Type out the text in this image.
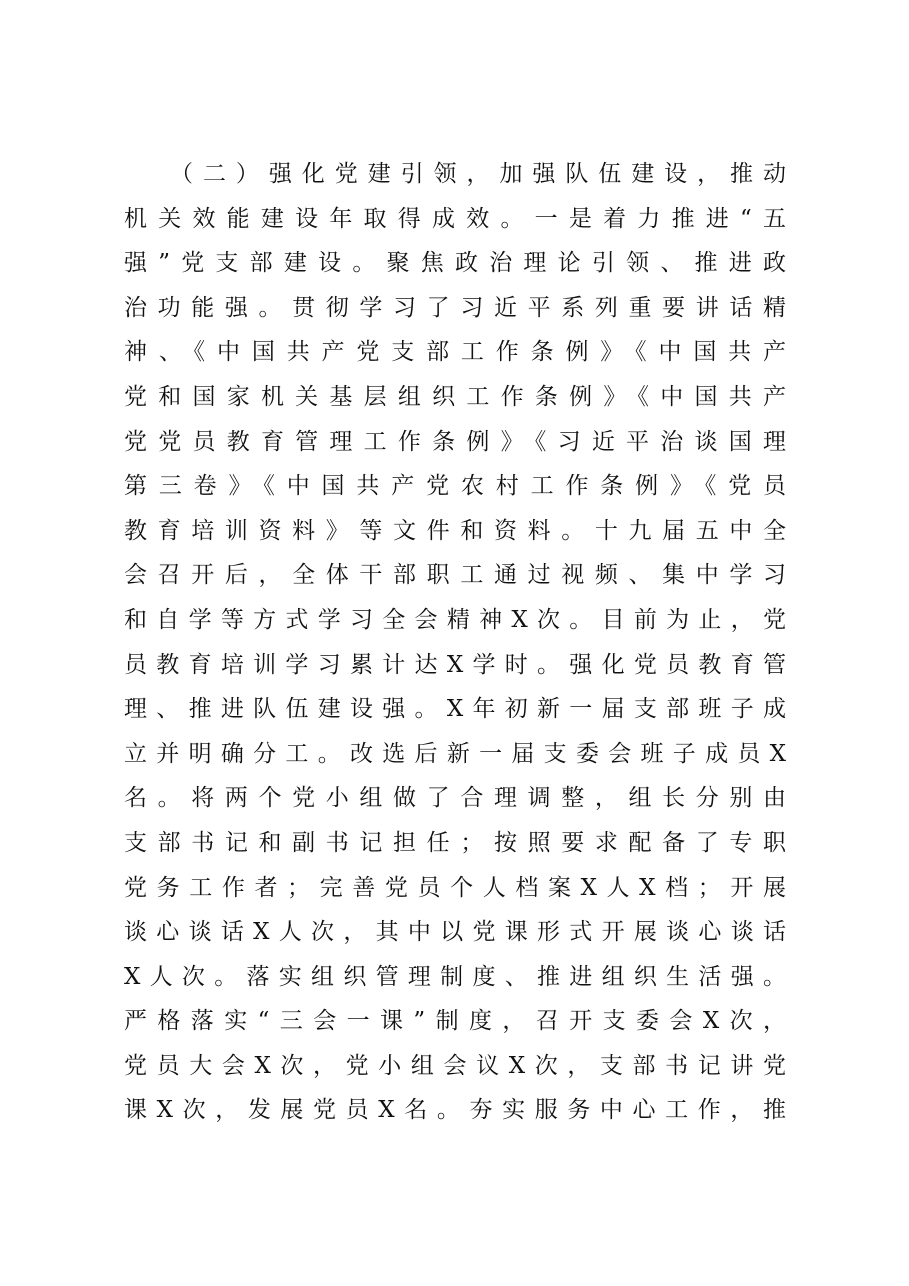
（二）强化党建引领，加强队伍建设，推动
机关效能建设年取得成效。一是着力推进“五
强”党支部建设。聚焦政治理论引领、推进政
治功能强。贯彻学习了习近平系列重要讲话精
神、《中国共产党支部工作条例》《中国共产
党和国家机关基层组织工作条例》《中国共产
党党员教育管理工作条例》《习近平治谈国理
第三卷》《中国共产党农村工作条例》《党员
教育培训资料》等文件和资料。十九届五中全
会召开后，全体干部职工通过视频、集中学习
和自学等方式学习全会精神X次。目前为止，党
员教育培训学习累计达X学时。强化党员教育管
理、推进队伍建设强。X年初新一届支部班子成
立并明确分工。改选后新一届支委会班子成员X
名。将两个党小组做了合理调整，组长分别由
支部书记和副书记担任；按照要求配备了专职
党务工作者；完善党员个人档案X人X档；开展
谈心谈话X人次，其中以党课形式开展谈心谈话
X人次。落实组织管理制度、推进组织生活强。
严格落实“三会一课”制度，召开支委会X次，
党员大会X次，党小组会议X次，支部书记讲党
课X次，发展党员X名。夯实服务中心工作，推
